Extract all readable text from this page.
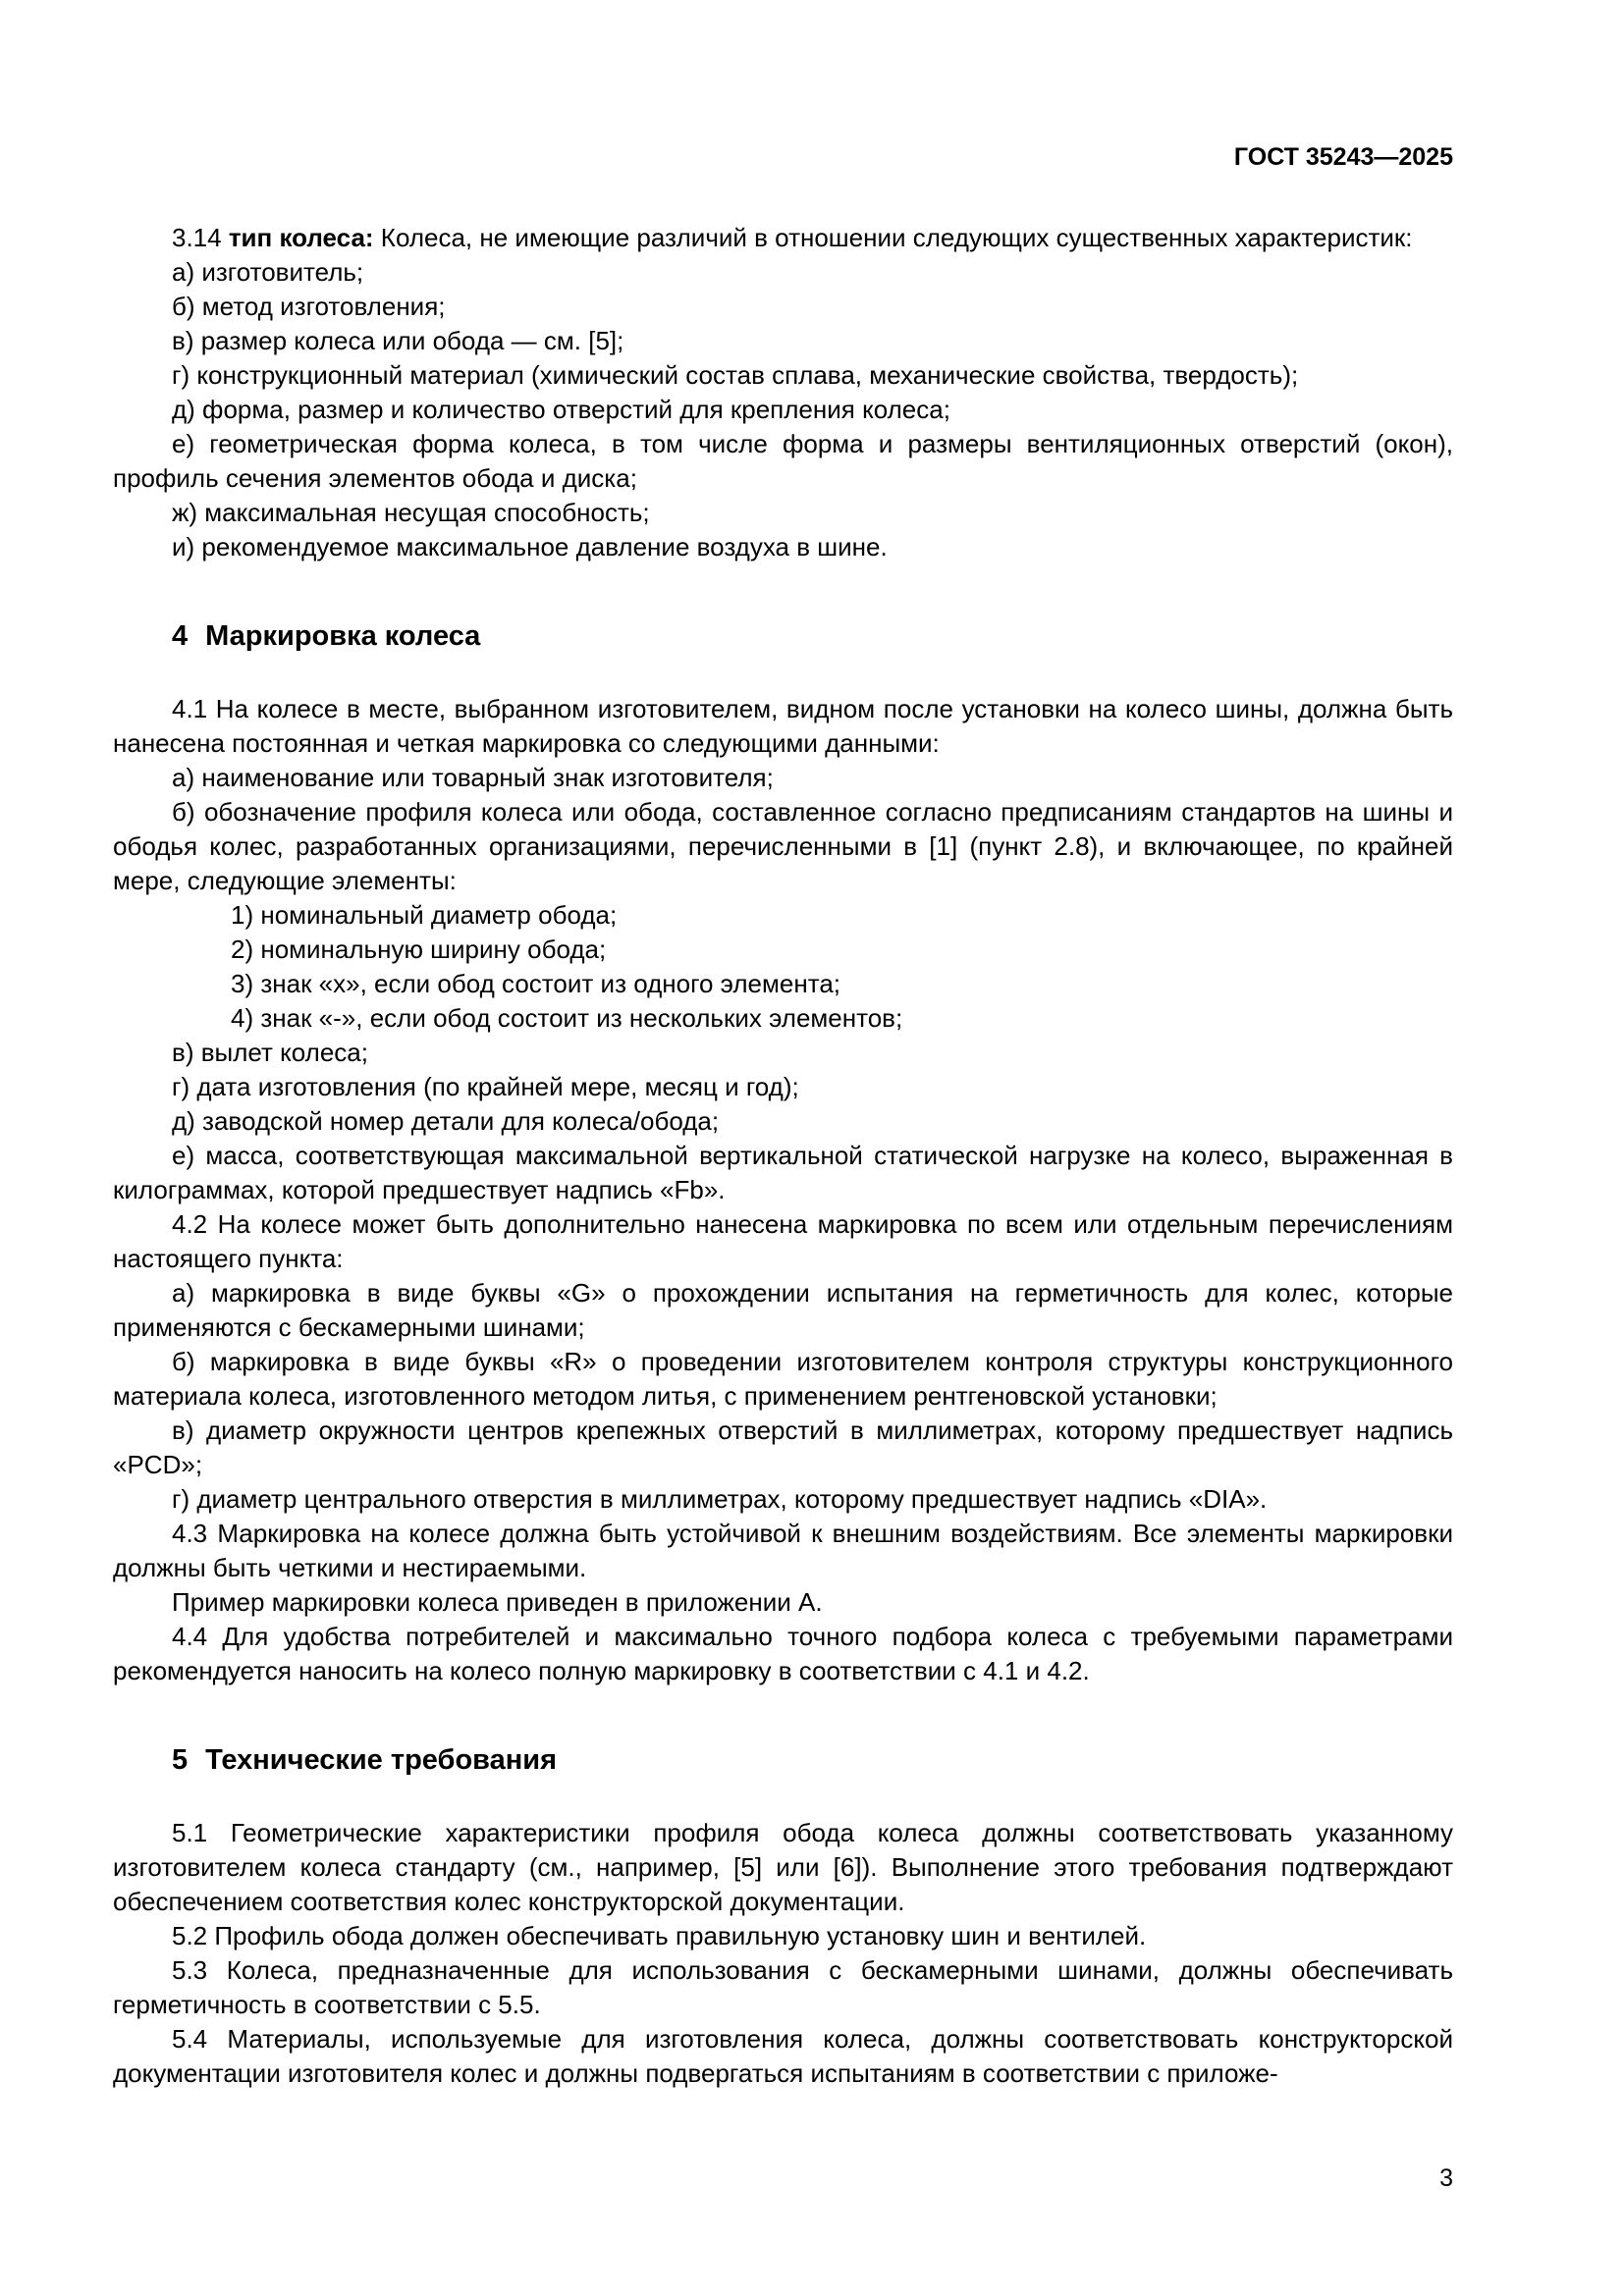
ГОСТ 35243—2025
3.14 тип колеса: Колеса, не имеющие различий в отношении следующих существенных характеристик:
а) изготовитель;
б) метод изготовления;
в) размер колеса или обода — см. [5];
г) конструкционный материал (химический состав сплава, механические свойства, твердость);
д) форма, размер и количество отверстий для крепления колеса;
е) геометрическая форма колеса, в том числе форма и размеры вентиляционных отверстий (окон), профиль сечения элементов обода и диска;
ж) максимальная несущая способность;
и) рекомендуемое максимальное давление воздуха в шине.
4 Маркировка колеса
4.1 На колесе в месте, выбранном изготовителем, видном после установки на колесо шины, должна быть нанесена постоянная и четкая маркировка со следующими данными:
а) наименование или товарный знак изготовителя;
б) обозначение профиля колеса или обода, составленное согласно предписаниям стандартов на шины и ободья колес, разработанных организациями, перечисленными в [1] (пункт 2.8), и включающее, по крайней мере, следующие элементы:
1) номинальный диаметр обода;
2) номинальную ширину обода;
3) знак «х», если обод состоит из одного элемента;
4) знак «-», если обод состоит из нескольких элементов;
в) вылет колеса;
г) дата изготовления (по крайней мере, месяц и год);
д) заводской номер детали для колеса/обода;
е) масса, соответствующая максимальной вертикальной статической нагрузке на колесо, выраженная в килограммах, которой предшествует надпись «Fb».
4.2 На колесе может быть дополнительно нанесена маркировка по всем или отдельным перечислениям настоящего пункта:
а) маркировка в виде буквы «G» о прохождении испытания на герметичность для колес, которые применяются с бескамерными шинами;
б) маркировка в виде буквы «R» о проведении изготовителем контроля структуры конструкционного материала колеса, изготовленного методом литья, с применением рентгеновской установки;
в) диаметр окружности центров крепежных отверстий в миллиметрах, которому предшествует надпись «PCD»;
г) диаметр центрального отверстия в миллиметрах, которому предшествует надпись «DIA».
4.3 Маркировка на колесе должна быть устойчивой к внешним воздействиям. Все элементы маркировки должны быть четкими и нестираемыми.
Пример маркировки колеса приведен в приложении А.
4.4 Для удобства потребителей и максимально точного подбора колеса с требуемыми параметрами рекомендуется наносить на колесо полную маркировку в соответствии с 4.1 и 4.2.
5 Технические требования
5.1 Геометрические характеристики профиля обода колеса должны соответствовать указанному изготовителем колеса стандарту (см., например, [5] или [6]). Выполнение этого требования подтверждают обеспечением соответствия колес конструкторской документации.
5.2 Профиль обода должен обеспечивать правильную установку шин и вентилей.
5.3 Колеса, предназначенные для использования с бескамерными шинами, должны обеспечивать герметичность в соответствии с 5.5.
5.4 Материалы, используемые для изготовления колеса, должны соответствовать конструкторской документации изготовителя колес и должны подвергаться испытаниям в соответствии с приложе-
3
